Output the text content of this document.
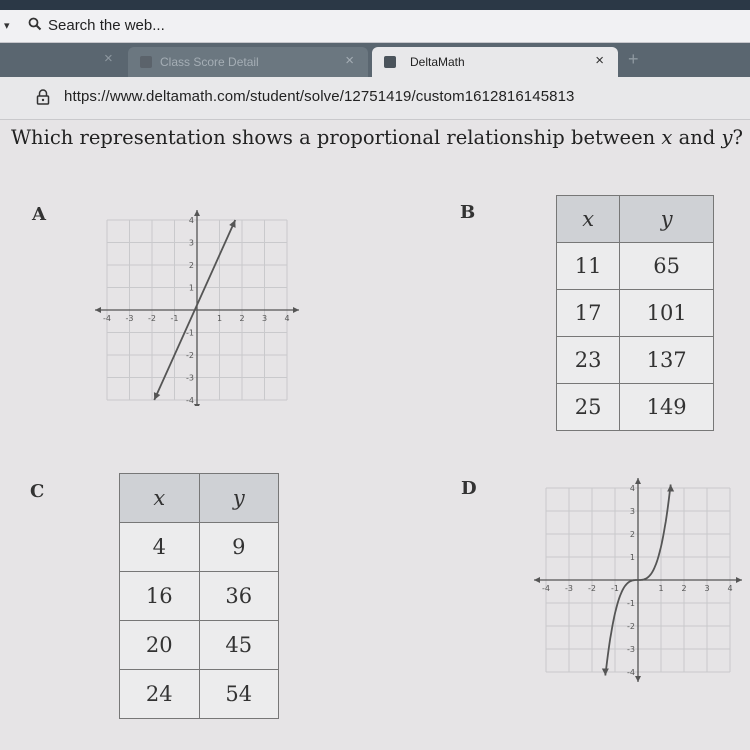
▾	Search the web...
×	Class Score Detail	×	DeltaMath	× +
https://www.deltamath.com/student/solve/12751419/custom1612816145813
Which representation shows a proportional relationship between x and y?
A
-4 -3 -2 -1	1 2 3 4
4
3
2
1
-1
-2
-3
-4
B	x	y
11	65
17	101
23	137
25	149
C	x	y
4	9
16	36
20	45
24	54
D
-4 -3 -2 -1	1 2 3 4
4
3
2
1
-1
-2
-3
-4
